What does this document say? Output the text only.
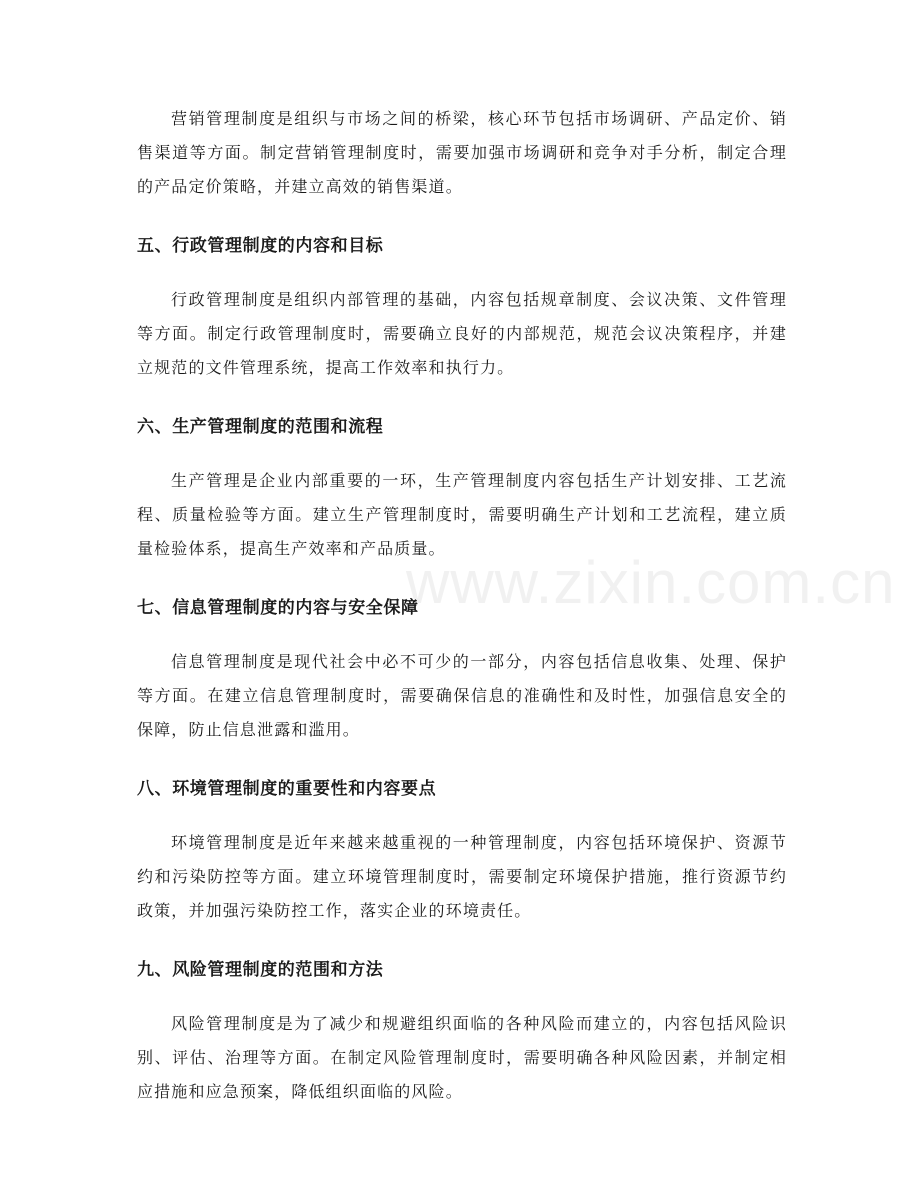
www.zixin.com.cn

营销管理制度是组织与市场之间的桥梁，核心环节包括市场调研、产品定价、销售渠道等方面。制定营销管理制度时，需要加强市场调研和竞争对手分析，制定合理的产品定价策略，并建立高效的销售渠道。

五、行政管理制度的内容和目标

行政管理制度是组织内部管理的基础，内容包括规章制度、会议决策、文件管理等方面。制定行政管理制度时，需要确立良好的内部规范，规范会议决策程序，并建立规范的文件管理系统，提高工作效率和执行力。

六、生产管理制度的范围和流程

生产管理是企业内部重要的一环，生产管理制度内容包括生产计划安排、工艺流程、质量检验等方面。建立生产管理制度时，需要明确生产计划和工艺流程，建立质量检验体系，提高生产效率和产品质量。

七、信息管理制度的内容与安全保障

信息管理制度是现代社会中必不可少的一部分，内容包括信息收集、处理、保护等方面。在建立信息管理制度时，需要确保信息的准确性和及时性，加强信息安全的保障，防止信息泄露和滥用。

八、环境管理制度的重要性和内容要点

环境管理制度是近年来越来越重视的一种管理制度，内容包括环境保护、资源节约和污染防控等方面。建立环境管理制度时，需要制定环境保护措施，推行资源节约政策，并加强污染防控工作，落实企业的环境责任。

九、风险管理制度的范围和方法

风险管理制度是为了减少和规避组织面临的各种风险而建立的，内容包括风险识别、评估、治理等方面。在制定风险管理制度时，需要明确各种风险因素，并制定相应措施和应急预案，降低组织面临的风险。
